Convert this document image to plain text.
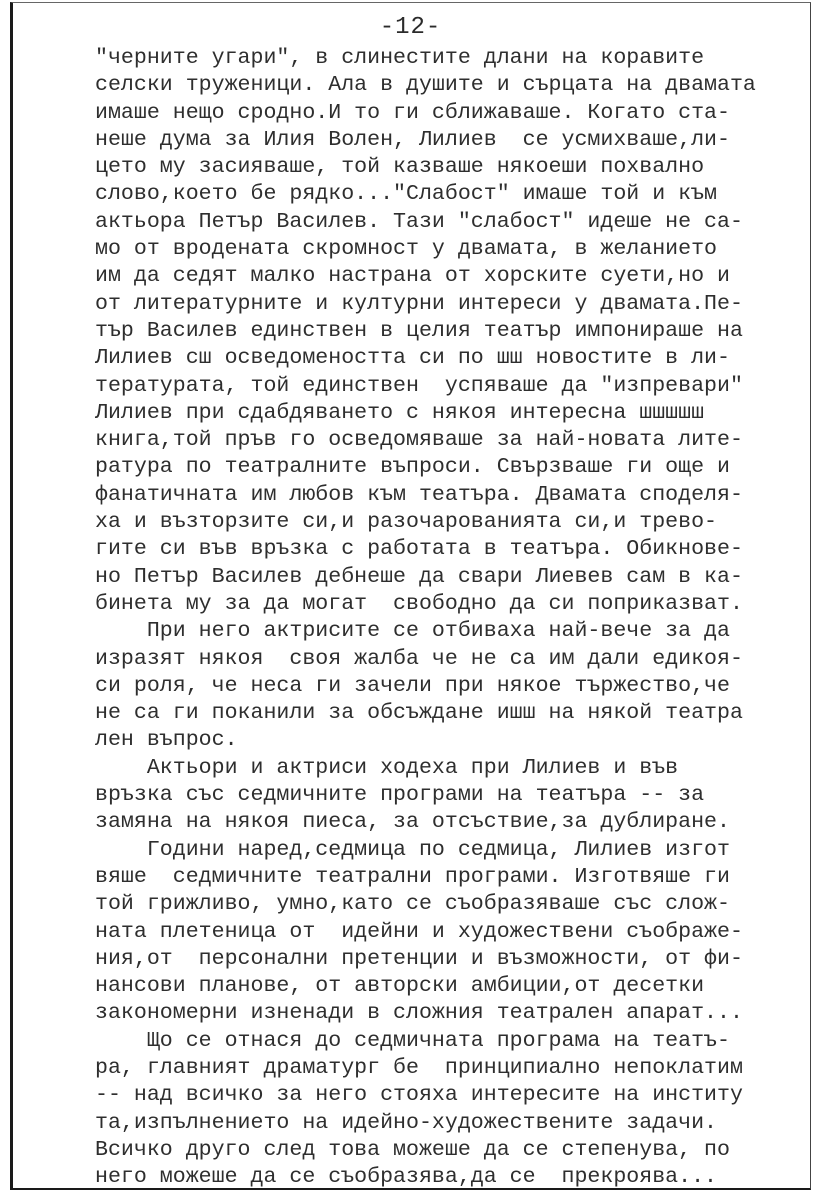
-12-
"черните угари", в слинестите длани на коравите
селски труженици. Ала в душите и сърцата на двамата
имаше нещо сродно.И то ги сближаваше. Когато ста-
неше дума за Илия Волен, Лилиев  се усмихваше,ли-
цето му засияваше, той казваше някоеши похвално
слово,което бе рядко..."Слабост" имаше той и към
актьора Петър Василев. Тази "слабост" идеше не са-
мо от вродената скромност у двамата, в желанието
им да седят малко настрана от хорските суети,но и
от литературните и културни интереси у двамата.Пе-
тър Василев единствен в целия театър импонираше на
Лилиев сш осведомеността си по шш новостите в ли-
тературата, той единствен  успяваше да "изпревари"
Лилиев при сдабдяването с някоя интересна шшшшш
книга,той пръв го осведомяваше за най-новата лите-
ратура по театралните въпроси. Свързваше ги още и
фанатичната им любов към театъра. Двамата споделя-
ха и възторзите си,и разочарованията си,и трево-
гите си във връзка с работата в театъра. Обикнове-
но Петър Василев дебнеше да свари Лиевев сам в ка-
бинета му за да могат  свободно да си поприказват.
При него актрисите се отбиваха най-вече за да
изразят някоя  своя жалба че не са им дали едикоя-
си роля, че неса ги зачели при някое тържество,че
не са ги поканили за обсъждане ишш на някой театра
лен въпрос.
Актьори и актриси ходеха при Лилиев и във
връзка със седмичните програми на театъра -- за
замяна на някоя пиеса, за отсъствие,за дублиране.
Години наред,седмица по седмица, Лилиев изгот
вяше  седмичните театрални програми. Изготвяше ги
той грижливо, умно,като се съобразяваше със слож-
ната плетеница от  идейни и художествени съображе-
ния,от  персонални претенции и възможности, от фи-
нансови планове, от авторски амбиции,от десетки
закономерни изненади в сложния театрален апарат...
Що се отнася до седмичната програма на театъ-
ра, главният драматург бе  принципиално непоклатим
-- над всичко за него стояха интересите на институ
та,изпълнението на идейно-художествените задачи.
Всичко друго след това можеше да се степенува, по
него можеше да се съобразява,да се  прекроява...
